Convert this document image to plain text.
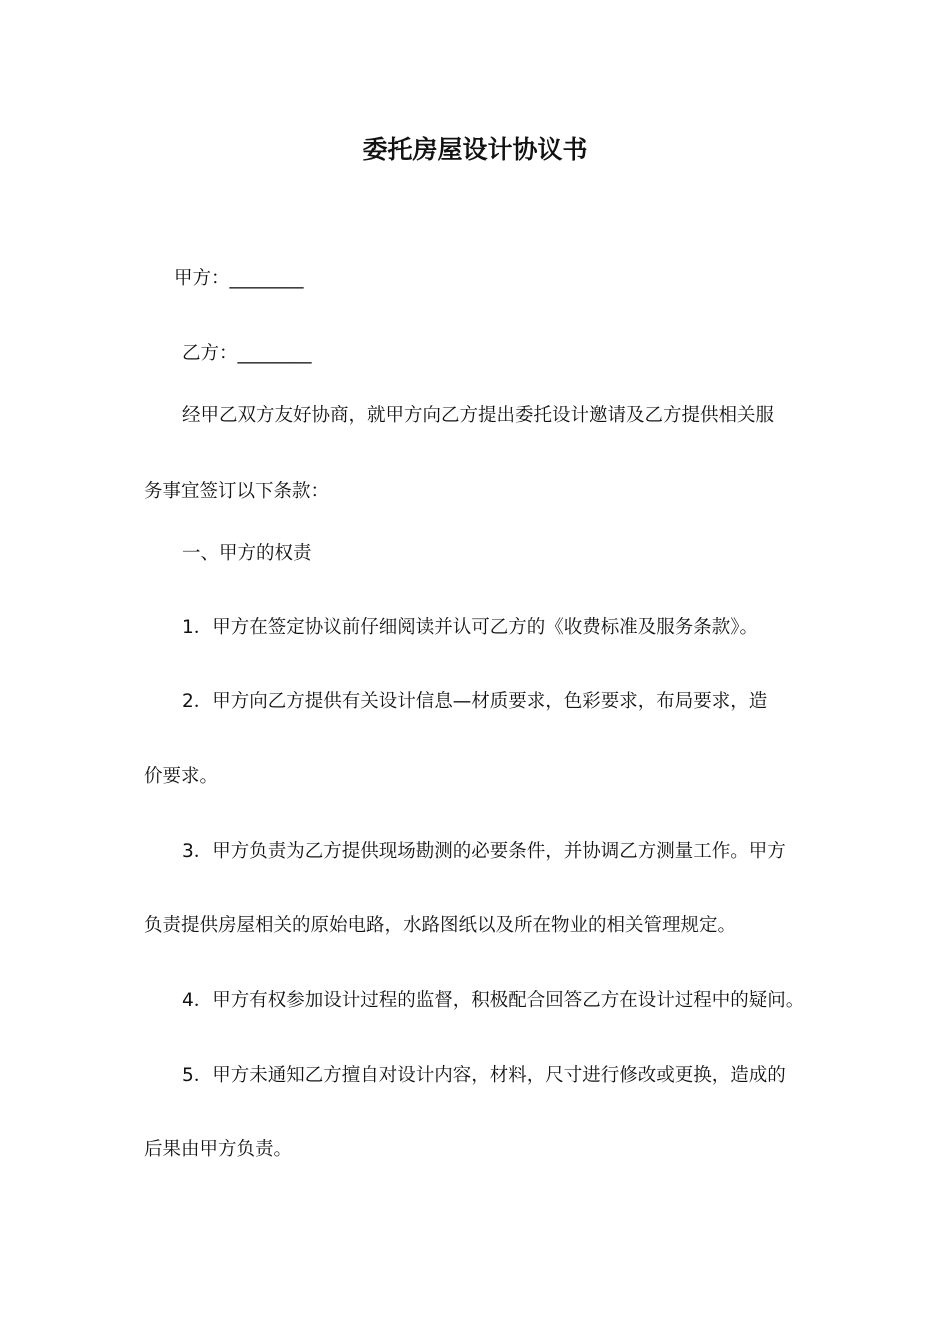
委托房屋设计协议书
甲方：________
乙方：________
经甲乙双方友好协商，就甲方向乙方提出委托设计邀请及乙方提供相关服
务事宜签订以下条款：
一、甲方的权责
1．甲方在签定协议前仔细阅读并认可乙方的《收费标准及服务条款》。
2．甲方向乙方提供有关设计信息—材质要求，色彩要求，布局要求，造
价要求。
3．甲方负责为乙方提供现场勘测的必要条件，并协调乙方测量工作。甲方
负责提供房屋相关的原始电路，水路图纸以及所在物业的相关管理规定。
4．甲方有权参加设计过程的监督，积极配合回答乙方在设计过程中的疑问。
5．甲方未通知乙方擅自对设计内容，材料，尺寸进行修改或更换，造成的
后果由甲方负责。
